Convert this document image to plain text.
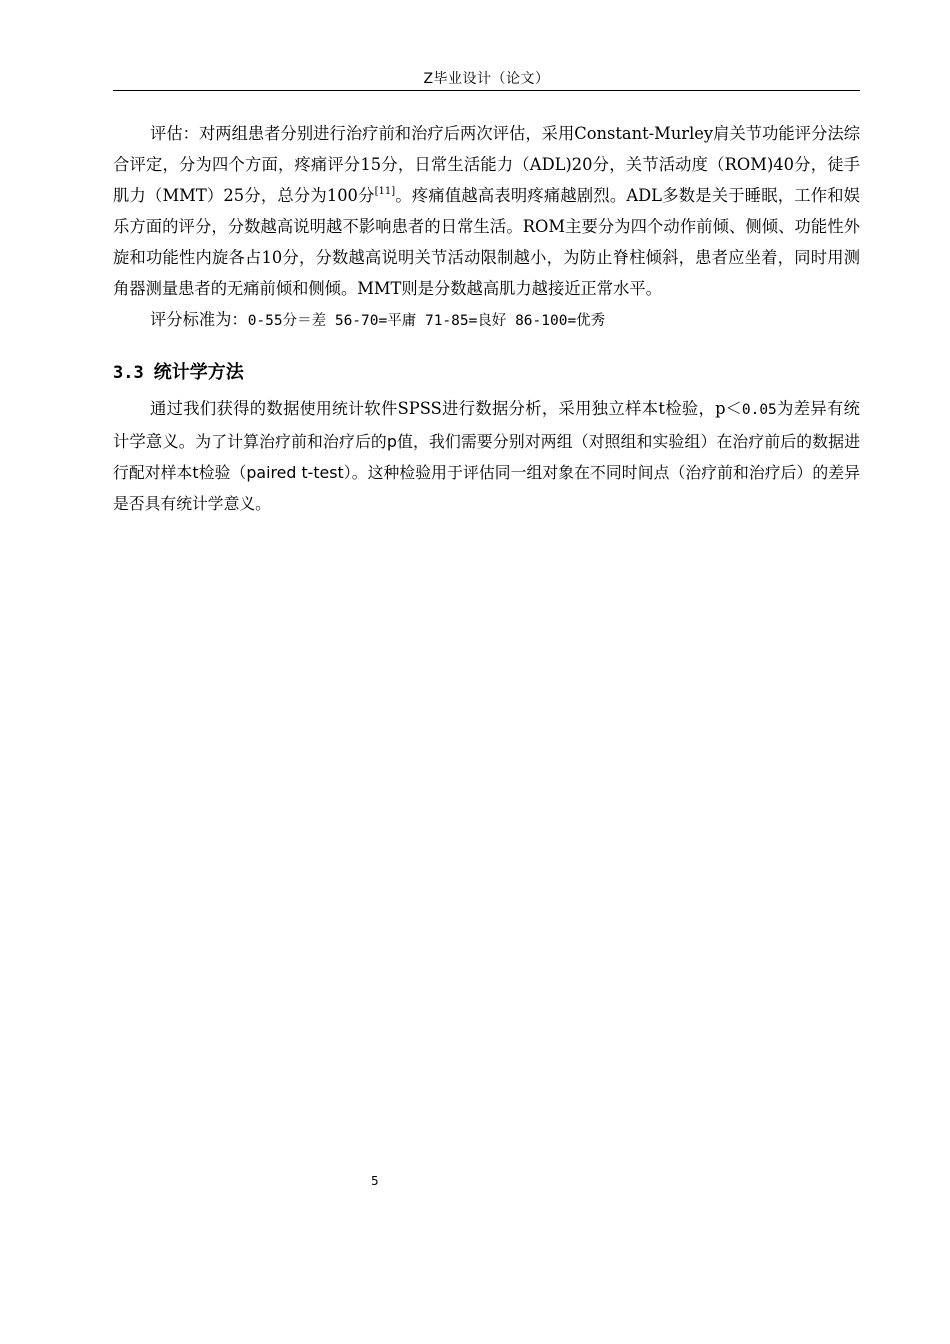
Z毕业设计（论文）

评估：对两组患者分别进行治疗前和治疗后两次评估，采用Constant-Murley肩关节功能评分法综合评定，分为四个方面，疼痛评分15分，日常生活能力（ADL)20分，关节活动度（ROM)40分，徒手肌力（MMT）25分，总分为100分[11]。疼痛值越高表明疼痛越剧烈。ADL多数是关于睡眠，工作和娱乐方面的评分，分数越高说明越不影响患者的日常生活。ROM主要分为四个动作前倾、侧倾、功能性外旋和功能性内旋各占10分，分数越高说明关节活动限制越小，为防止脊柱倾斜，患者应坐着，同时用测角器测量患者的无痛前倾和侧倾。MMT则是分数越高肌力越接近正常水平。

评分标准为：0-55分＝差 56-70=平庸 71-85=良好 86-100=优秀

3.3 统计学方法

通过我们获得的数据使用统计软件SPSS进行数据分析，采用独立样本t检验，p＜0.05为差异有统计学意义。为了计算治疗前和治疗后的p值，我们需要分别对两组（对照组和实验组）在治疗前后的数据进行配对样本t检验（paired t-test）。这种检验用于评估同一组对象在不同时间点（治疗前和治疗后）的差异是否具有统计学意义。

5
